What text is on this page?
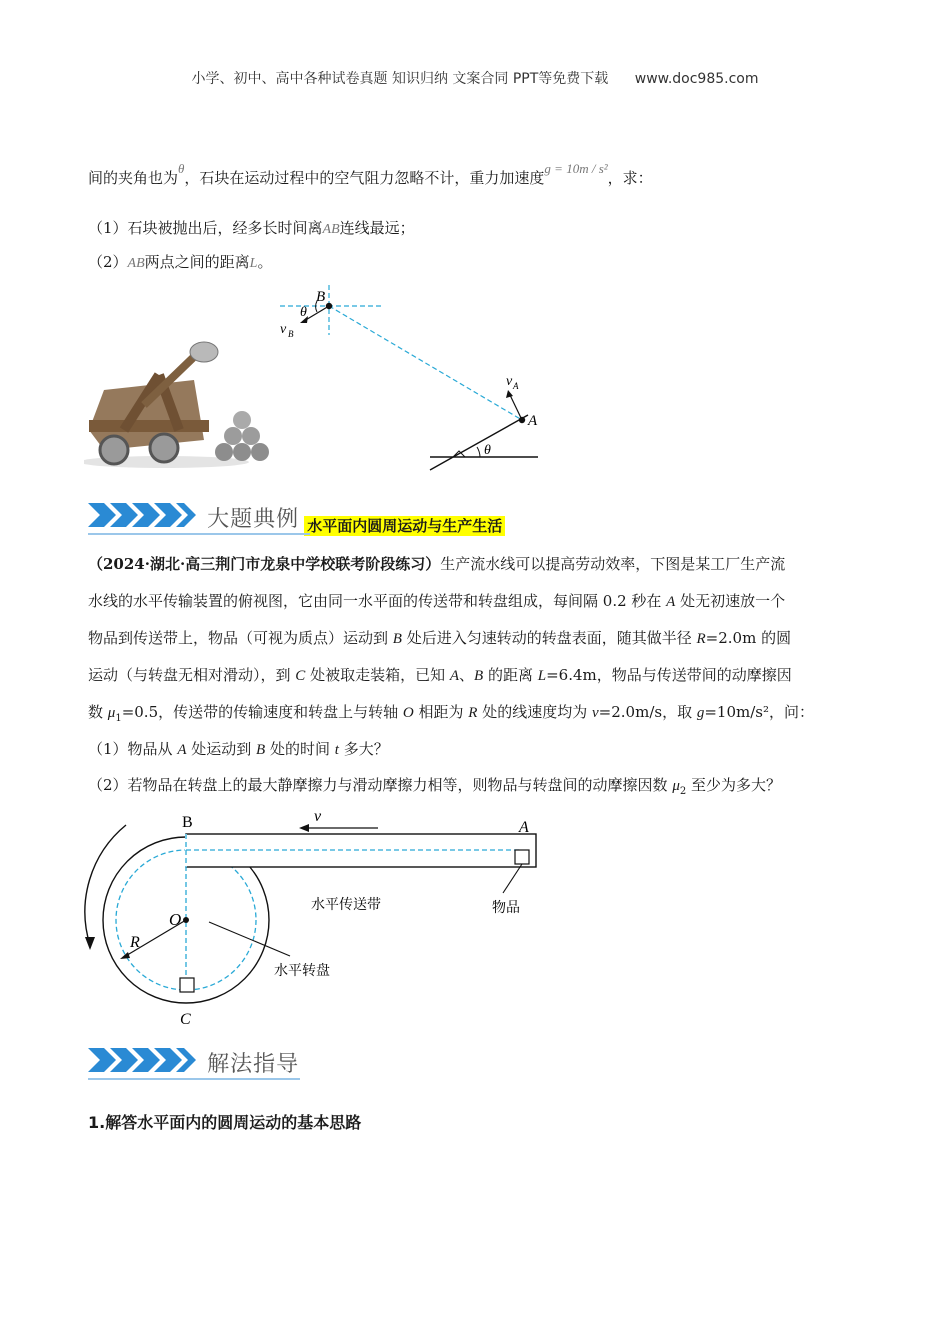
小学、初中、高中各种试卷真题 知识归纳 文案合同 PPT等免费下载 www.doc985.com
间的夹角也为θ，石块在运动过程中的空气阻力忽略不计，重力加速度g = 10m / s²，求：
（1）石块被抛出后，经多长时间离AB连线最远；
（2）AB两点之间的距离L。
B
θ
v B
v A
A
θ
大题典例 水平面内圆周运动与生产生活
（2024·湖北·高三荆门市龙泉中学校联考阶段练习）生产流水线可以提高劳动效率，下图是某工厂生产流
水线的水平传输装置的俯视图，它由同一水平面的传送带和转盘组成，每间隔 0.2 秒在 A 处无初速放一个
物品到传送带上，物品（可视为质点）运动到 B 处后进入匀速转动的转盘表面，随其做半径 R=2.0m 的圆
运动（与转盘无相对滑动），到 C 处被取走装箱，已知 A、B 的距离 L=6.4m，物品与传送带间的动摩擦因
数 $\mu_1=0.5$，传送带的传输速度和转盘上与转轴 O 相距为 R 处的线速度均为 v=2.0m/s，取 g=10m/s²，问：
（1）物品从 A 处运动到 B 处的时间 t 多大？
（2）若物品在转盘上的最大静摩擦力与滑动摩擦力相等，则物品与转盘间的动摩擦因数 $\mu_2$ 至少为多大？
B	A
v
O
R
C
水平传送带	物品
水平转盘
解法指导
1.解答水平面内的圆周运动的基本思路
